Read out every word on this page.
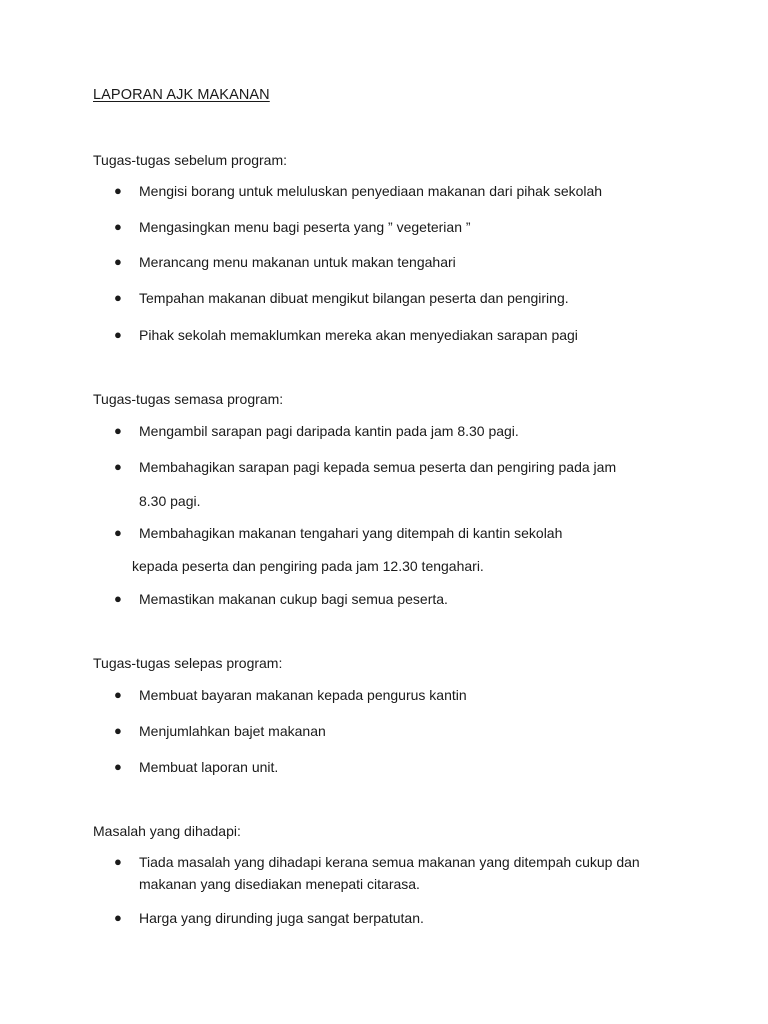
LAPORAN AJK MAKANAN
Tugas-tugas sebelum program:
●	Mengisi borang untuk meluluskan penyediaan makanan dari pihak sekolah
●	Mengasingkan menu bagi peserta yang ” vegeterian ”
●	Merancang menu makanan untuk makan tengahari
●	Tempahan makanan dibuat mengikut bilangan peserta dan pengiring.
●	Pihak sekolah memaklumkan mereka akan menyediakan sarapan pagi
Tugas-tugas semasa program:
●	Mengambil sarapan pagi daripada kantin pada jam 8.30 pagi.
●	Membahagikan sarapan pagi kepada semua peserta dan pengiring pada jam
8.30 pagi.
●	Membahagikan makanan tengahari yang ditempah di kantin sekolah
kepada peserta dan pengiring pada jam 12.30 tengahari.
●	Memastikan makanan cukup bagi semua peserta.
Tugas-tugas selepas program:
●	Membuat bayaran makanan kepada pengurus kantin
●	Menjumlahkan bajet makanan
●	Membuat laporan unit.
Masalah yang dihadapi:
●	Tiada masalah yang dihadapi kerana semua makanan yang ditempah cukup dan makanan yang disediakan menepati citarasa.
●	Harga yang dirunding juga sangat berpatutan.
